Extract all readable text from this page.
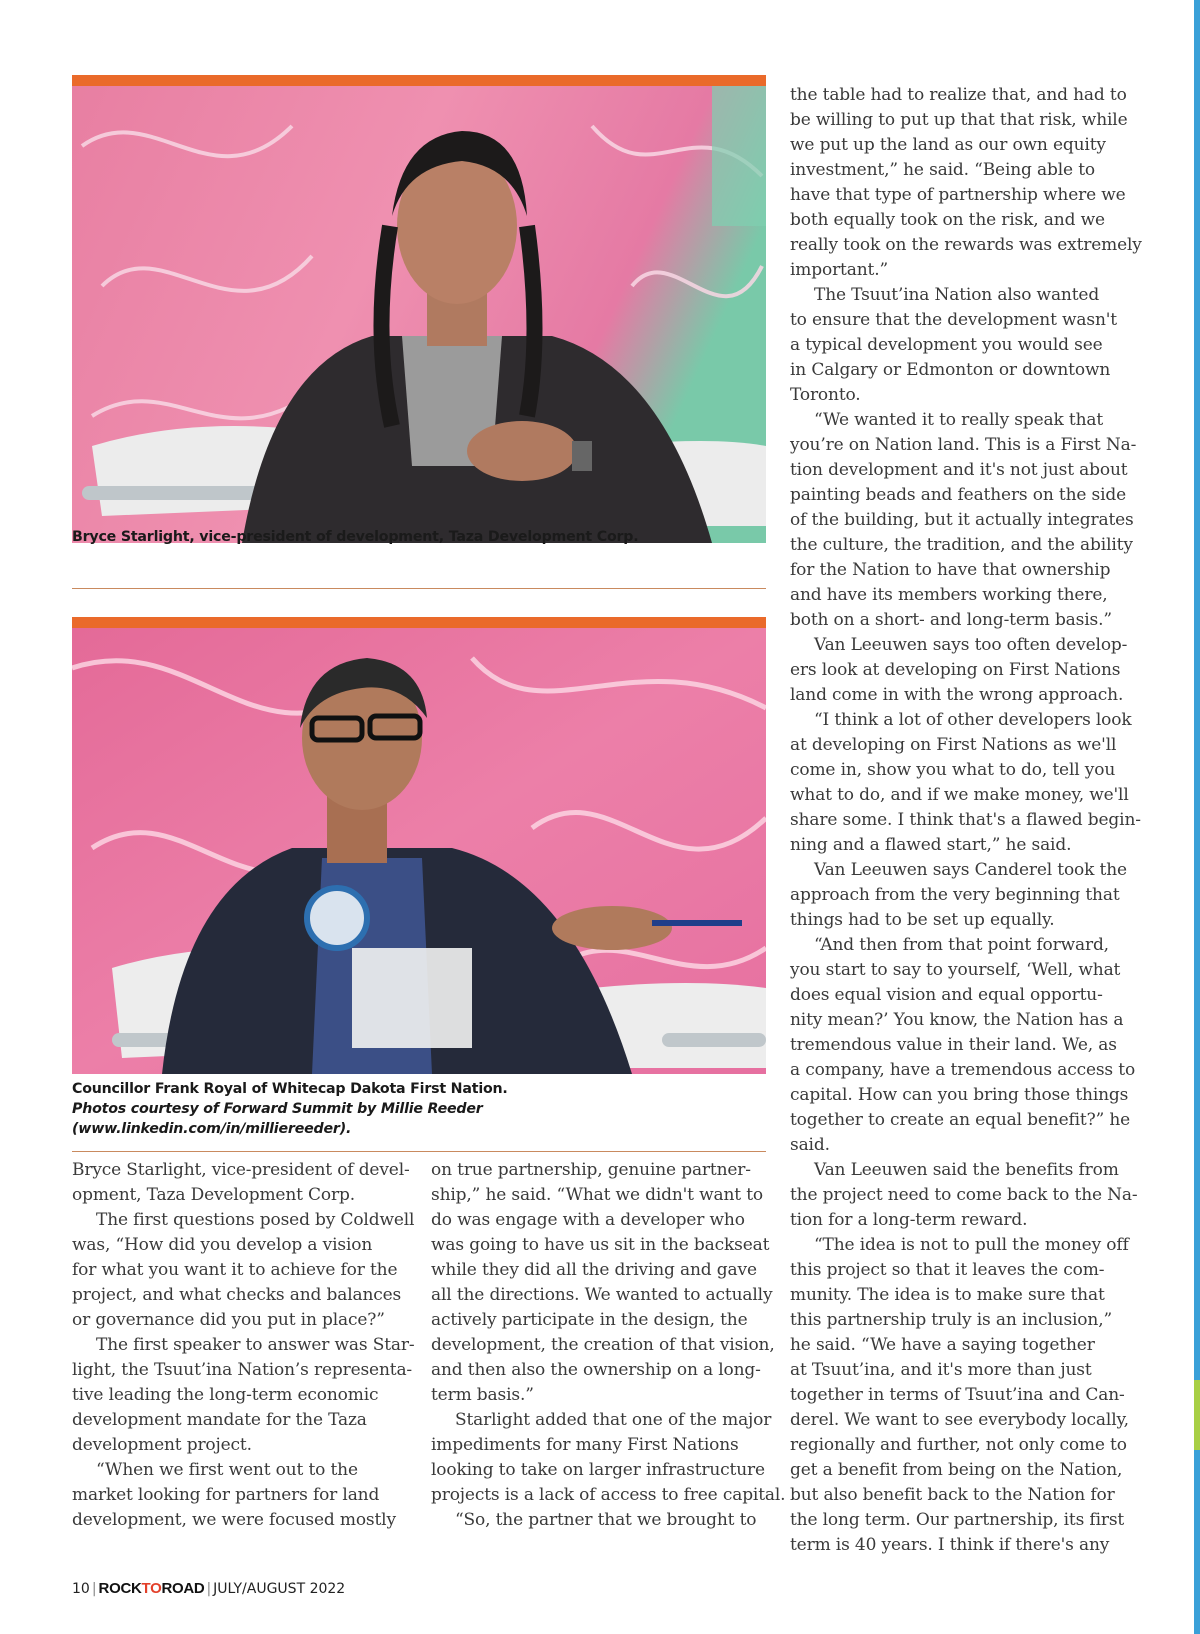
Bryce Starlight, vice-president of development, Taza Development Corp.
Councillor Frank Royal of Whitecap Dakota First Nation.
Photos courtesy of Forward Summit by Millie Reeder (www.linkedin.com/in/milliereeder).

Bryce Starlight, vice-president of devel-

opment, Taza Development Corp.

The first questions posed by Coldwell

was, “How did you develop a vision

for what you want it to achieve for the

project, and what checks and balances

or governance did you put in place?”

The first speaker to answer was Star-

light, the Tsuut’ina Nation’s representa-

tive leading the long-term economic

development mandate for the Taza

development project.

“When we first went out to the

market looking for partners for land

development, we were focused mostly

on true partnership, genuine partner-

ship,” he said. “What we didn't want to

do was engage with a developer who

was going to have us sit in the backseat

while they did all the driving and gave

all the directions. We wanted to actually

actively participate in the design, the

development, the creation of that vision,

and then also the ownership on a long-

term basis.”

Starlight added that one of the major

impediments for many First Nations

looking to take on larger infrastructure

projects is a lack of access to free capital.

“So, the partner that we brought to

the table had to realize that, and had to

be willing to put up that that risk, while

we put up the land as our own equity

investment,” he said. “Being able to

have that type of partnership where we

both equally took on the risk, and we

really took on the rewards was extremely

important.”

The Tsuut’ina Nation also wanted

to ensure that the development wasn't

a typical development you would see

in Calgary or Edmonton or downtown

Toronto.

“We wanted it to really speak that

you’re on Nation land. This is a First Na-

tion development and it's not just about

painting beads and feathers on the side

of the building, but it actually integrates

the culture, the tradition, and the ability

for the Nation to have that ownership

and have its members working there,

both on a short- and long-term basis.”

Van Leeuwen says too often develop-

ers look at developing on First Nations

land come in with the wrong approach.

“I think a lot of other developers look

at developing on First Nations as we'll

come in, show you what to do, tell you

what to do, and if we make money, we'll

share some. I think that's a flawed begin-

ning and a flawed start,” he said.

Van Leeuwen says Canderel took the

approach from the very beginning that

things had to be set up equally.

“And then from that point forward,

you start to say to yourself, ‘Well, what

does equal vision and equal opportu-

nity mean?’ You know, the Nation has a

tremendous value in their land. We, as

a company, have a tremendous access to

capital. How can you bring those things

together to create an equal benefit?” he

said.

Van Leeuwen said the benefits from

the project need to come back to the Na-

tion for a long-term reward.

“The idea is not to pull the money off

this project so that it leaves the com-

munity. The idea is to make sure that

this partnership truly is an inclusion,”

he said. “We have a saying together

at Tsuut’ina, and it's more than just

together in terms of Tsuut’ina and Can-

derel. We want to see everybody locally,

regionally and further, not only come to

get a benefit from being on the Nation,

but also benefit back to the Nation for

the long term. Our partnership, its first

term is 40 years. I think if there's any

10 | ROCKTOROAD | JULY/AUGUST 2022
